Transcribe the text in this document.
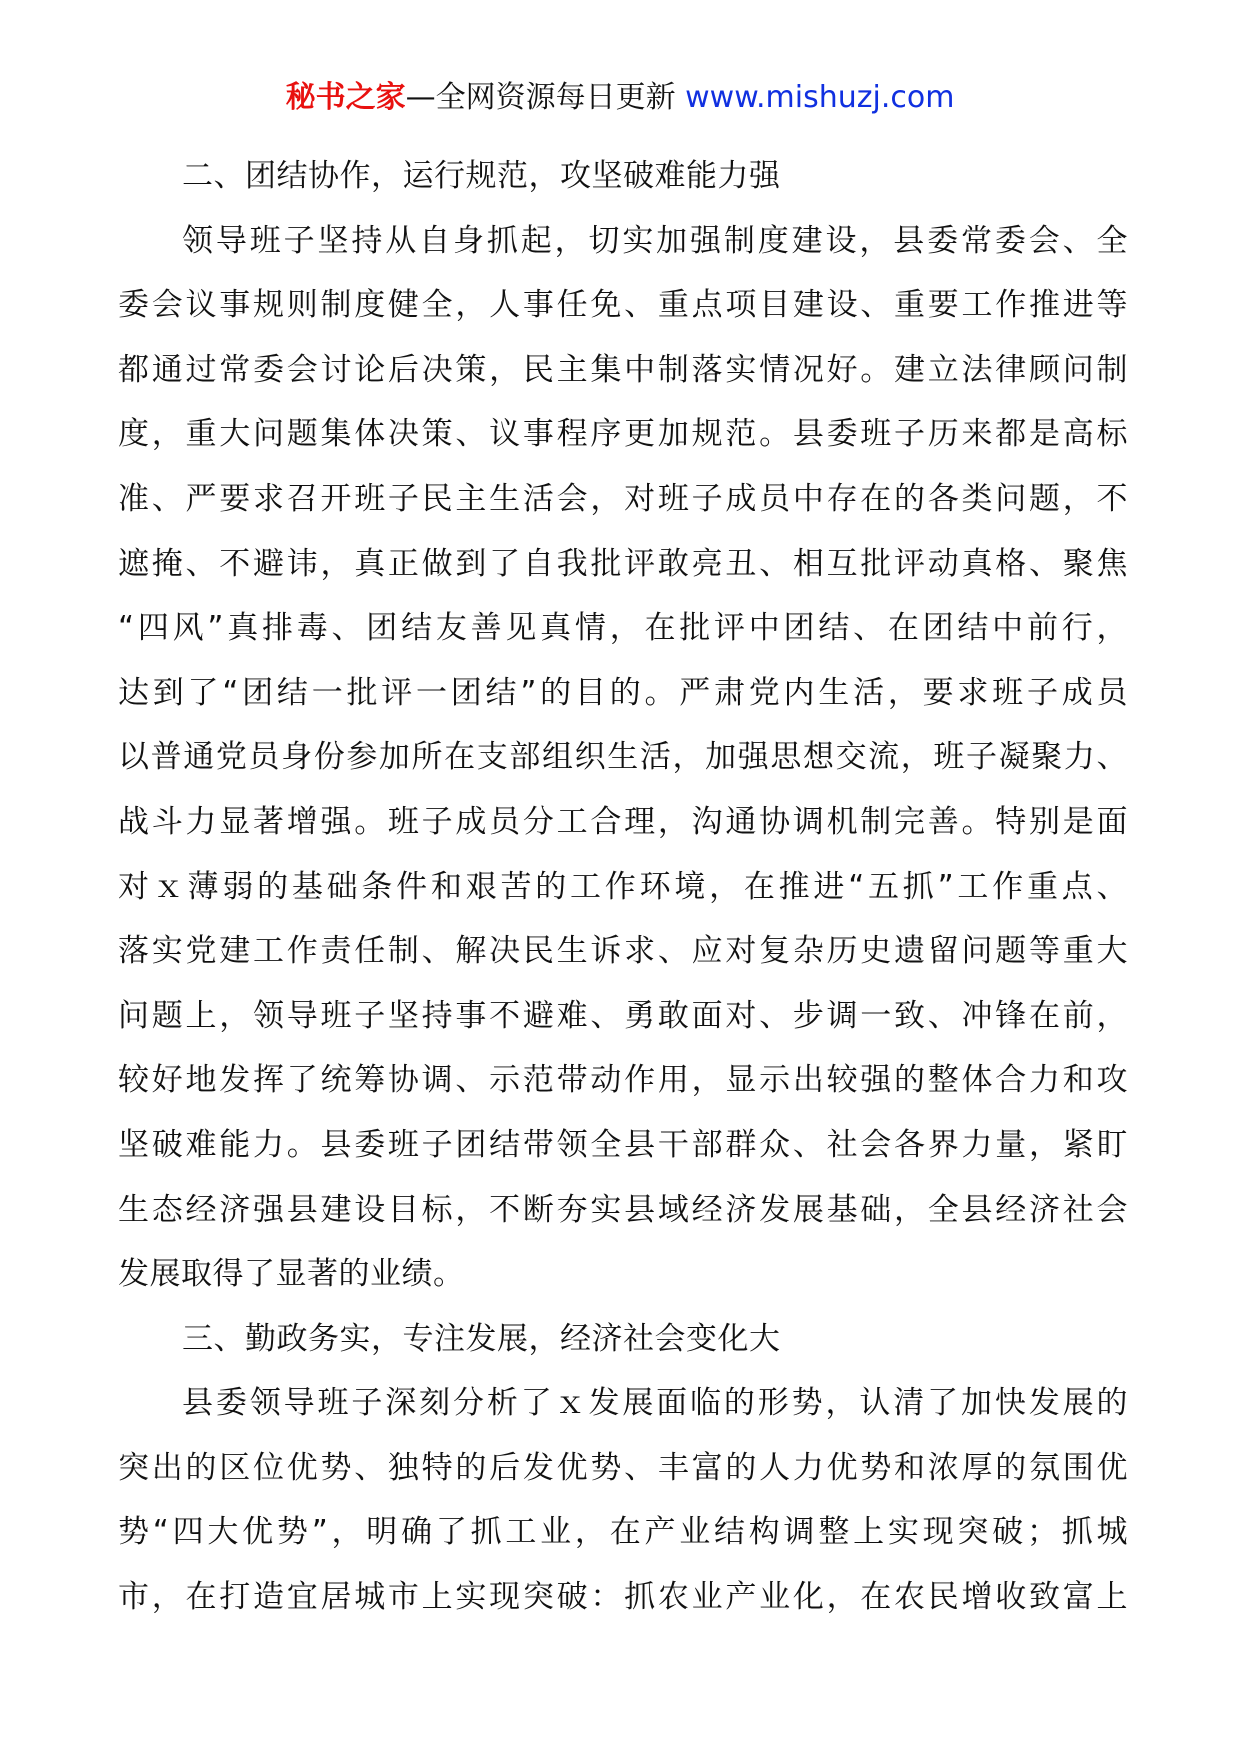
秘书之家—全网资源每日更新 www.mishuzj.com
二、团结协作，运行规范，攻坚破难能力强
领导班子坚持从自身抓起，切实加强制度建设，县委常委会、全
委会议事规则制度健全，人事任免、重点项目建设、重要工作推进等
都通过常委会讨论后决策，民主集中制落实情况好。建立法律顾问制
度，重大问题集体决策、议事程序更加规范。县委班子历来都是高标
准、严要求召开班子民主生活会，对班子成员中存在的各类问题，不
遮掩、不避讳，真正做到了自我批评敢亮丑、相互批评动真格、聚焦
“四风”真排毒、团结友善见真情，在批评中团结、在团结中前行，
达到了“团结一批评一团结”的目的。严肃党内生活，要求班子成员
以普通党员身份参加所在支部组织生活，加强思想交流，班子凝聚力、
战斗力显著增强。班子成员分工合理，沟通协调机制完善。特别是面
对ｘ薄弱的基础条件和艰苦的工作环境，在推进“五抓”工作重点、
落实党建工作责任制、解决民生诉求、应对复杂历史遗留问题等重大
问题上，领导班子坚持事不避难、勇敢面对、步调一致、冲锋在前，
较好地发挥了统筹协调、示范带动作用，显示出较强的整体合力和攻
坚破难能力。县委班子团结带领全县干部群众、社会各界力量，紧盯
生态经济强县建设目标，不断夯实县域经济发展基础，全县经济社会
发展取得了显著的业绩。
三、勤政务实，专注发展，经济社会变化大
县委领导班子深刻分析了ｘ发展面临的形势，认清了加快发展的
突出的区位优势、独特的后发优势、丰富的人力优势和浓厚的氛围优
势“四大优势”，明确了抓工业，在产业结构调整上实现突破；抓城
市，在打造宜居城市上实现突破：抓农业产业化，在农民增收致富上
